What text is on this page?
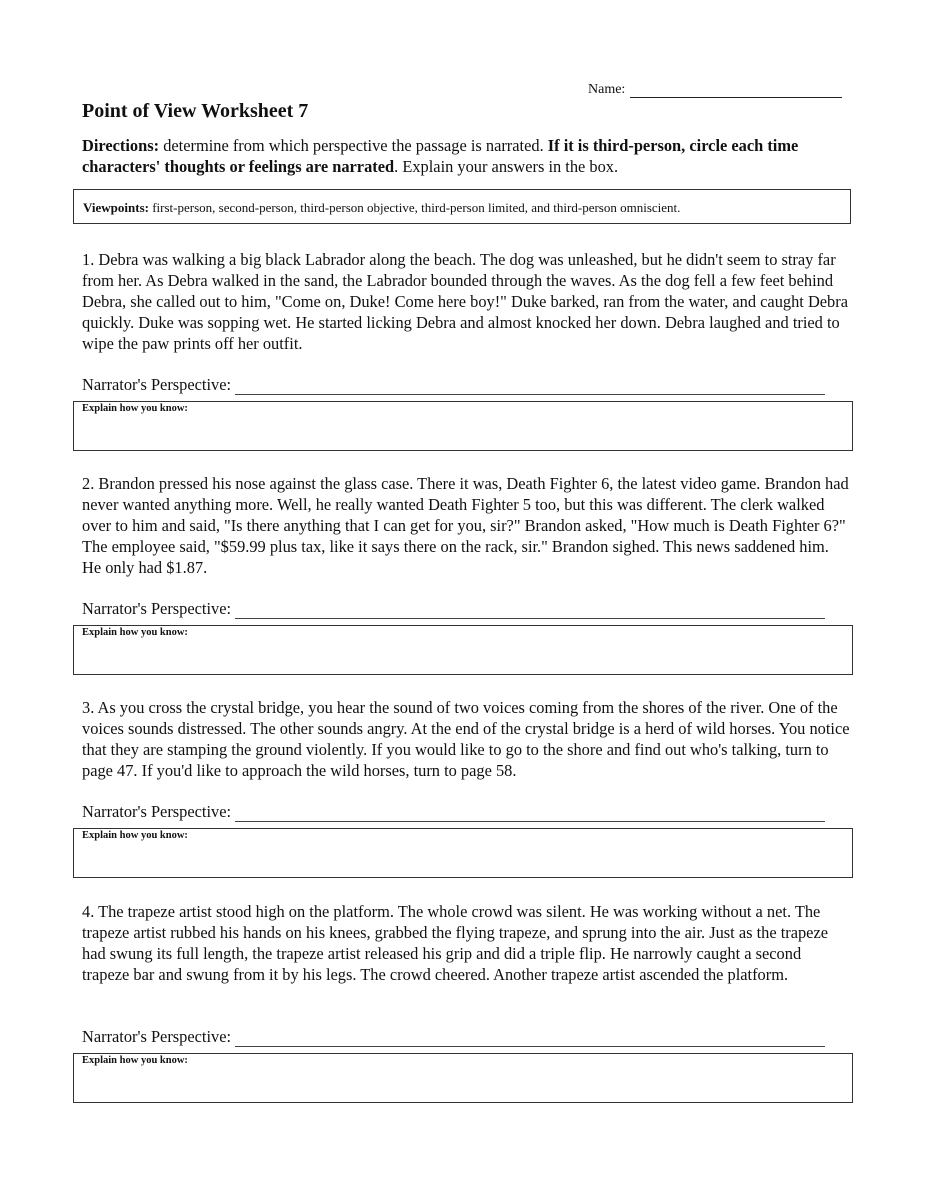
Name:
Point of View Worksheet 7

Directions: determine from which perspective the passage is narrated. If it is third-person, circle each time characters' thoughts or feelings are narrated. Explain your answers in the box.

Viewpoints: first-person, second-person, third-person objective, third-person limited, and third-person omniscient.

1. Debra was walking a big black Labrador along the beach. The dog was unleashed, but he didn't seem to stray far from her. As Debra walked in the sand, the Labrador bounded through the waves. As the dog fell a few feet behind Debra, she called out to him, "Come on, Duke! Come here boy!" Duke barked, ran from the water, and caught Debra quickly. Duke was sopping wet. He started licking Debra and almost knocked her down. Debra laughed and tried to wipe the paw prints off her outfit.

Narrator's Perspective:
Explain how you know:

2. Brandon pressed his nose against the glass case. There it was, Death Fighter 6, the latest video game. Brandon had never wanted anything more. Well, he really wanted Death Fighter 5 too, but this was different. The clerk walked over to him and said, "Is there anything that I can get for you, sir?" Brandon asked, "How much is Death Fighter 6?" The employee said, "$59.99 plus tax, like it says there on the rack, sir." Brandon sighed. This news saddened him. He only had $1.87.

Narrator's Perspective:
Explain how you know:

3. As you cross the crystal bridge, you hear the sound of two voices coming from the shores of the river. One of the voices sounds distressed. The other sounds angry. At the end of the crystal bridge is a herd of wild horses. You notice that they are stamping the ground violently. If you would like to go to the shore and find out who's talking, turn to page 47. If you'd like to approach the wild horses, turn to page 58.

Narrator's Perspective:
Explain how you know:

4. The trapeze artist stood high on the platform. The whole crowd was silent. He was working without a net. The trapeze artist rubbed his hands on his knees, grabbed the flying trapeze, and sprung into the air. Just as the trapeze had swung its full length, the trapeze artist released his grip and did a triple flip. He narrowly caught a second trapeze bar and swung from it by his legs. The crowd cheered. Another trapeze artist ascended the platform.

Narrator's Perspective:
Explain how you know:
